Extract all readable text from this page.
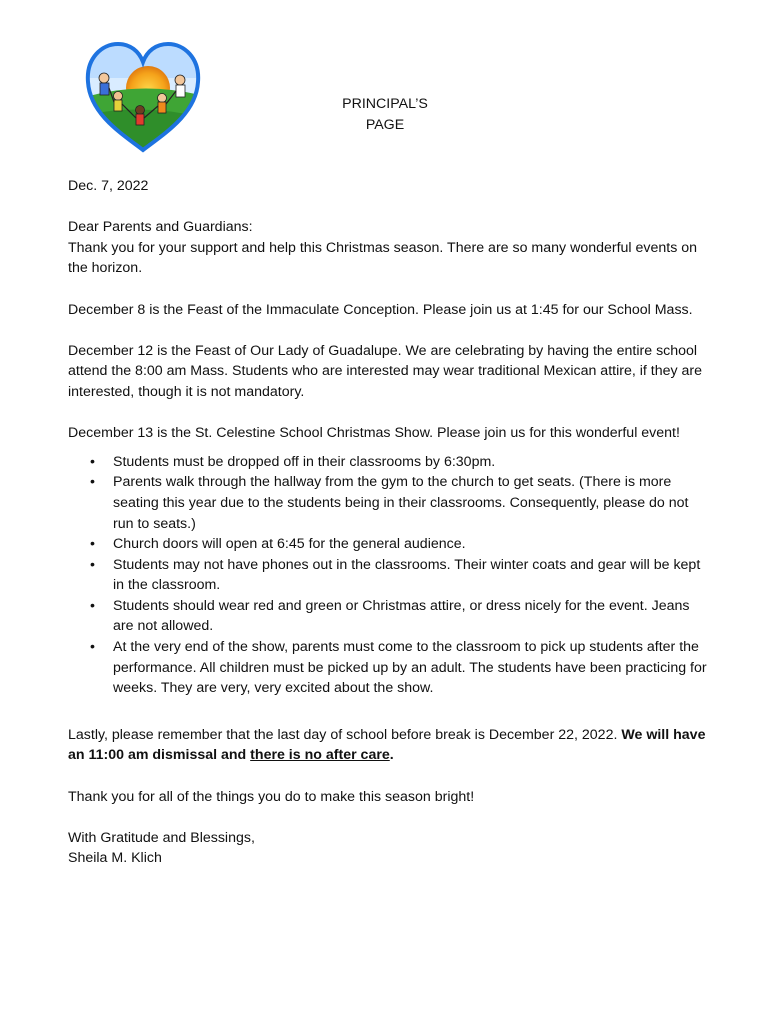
PRINCIPAL’S
PAGE

Dec. 7, 2022

Dear Parents and Guardians:
Thank you for your support and help this Christmas season. There are so many wonderful events on the horizon.

December 8 is the Feast of the Immaculate Conception. Please join us at 1:45 for our School Mass.

December 12 is the Feast of Our Lady of Guadalupe. We are celebrating by having the entire school attend the 8:00 am Mass. Students who are interested may wear traditional Mexican attire, if they are interested, though it is not mandatory.

December 13 is the St. Celestine School Christmas Show. Please join us for this wonderful event!

• Students must be dropped off in their classrooms by 6:30pm.
• Parents walk through the hallway from the gym to the church to get seats. (There is more seating this year due to the students being in their classrooms. Consequently, please do not run to seats.)
• Church doors will open at 6:45 for the general audience.
• Students may not have phones out in the classrooms. Their winter coats and gear will be kept in the classroom.
• Students should wear red and green or Christmas attire, or dress nicely for the event. Jeans are not allowed.
• At the very end of the show, parents must come to the classroom to pick up students after the performance. All children must be picked up by an adult. The students have been practicing for weeks. They are very, very excited about the show.

Lastly, please remember that the last day of school before break is December 22, 2022. We will have an 11:00 am dismissal and there is no after care.

Thank you for all of the things you do to make this season bright!

With Gratitude and Blessings,
Sheila M. Klich
